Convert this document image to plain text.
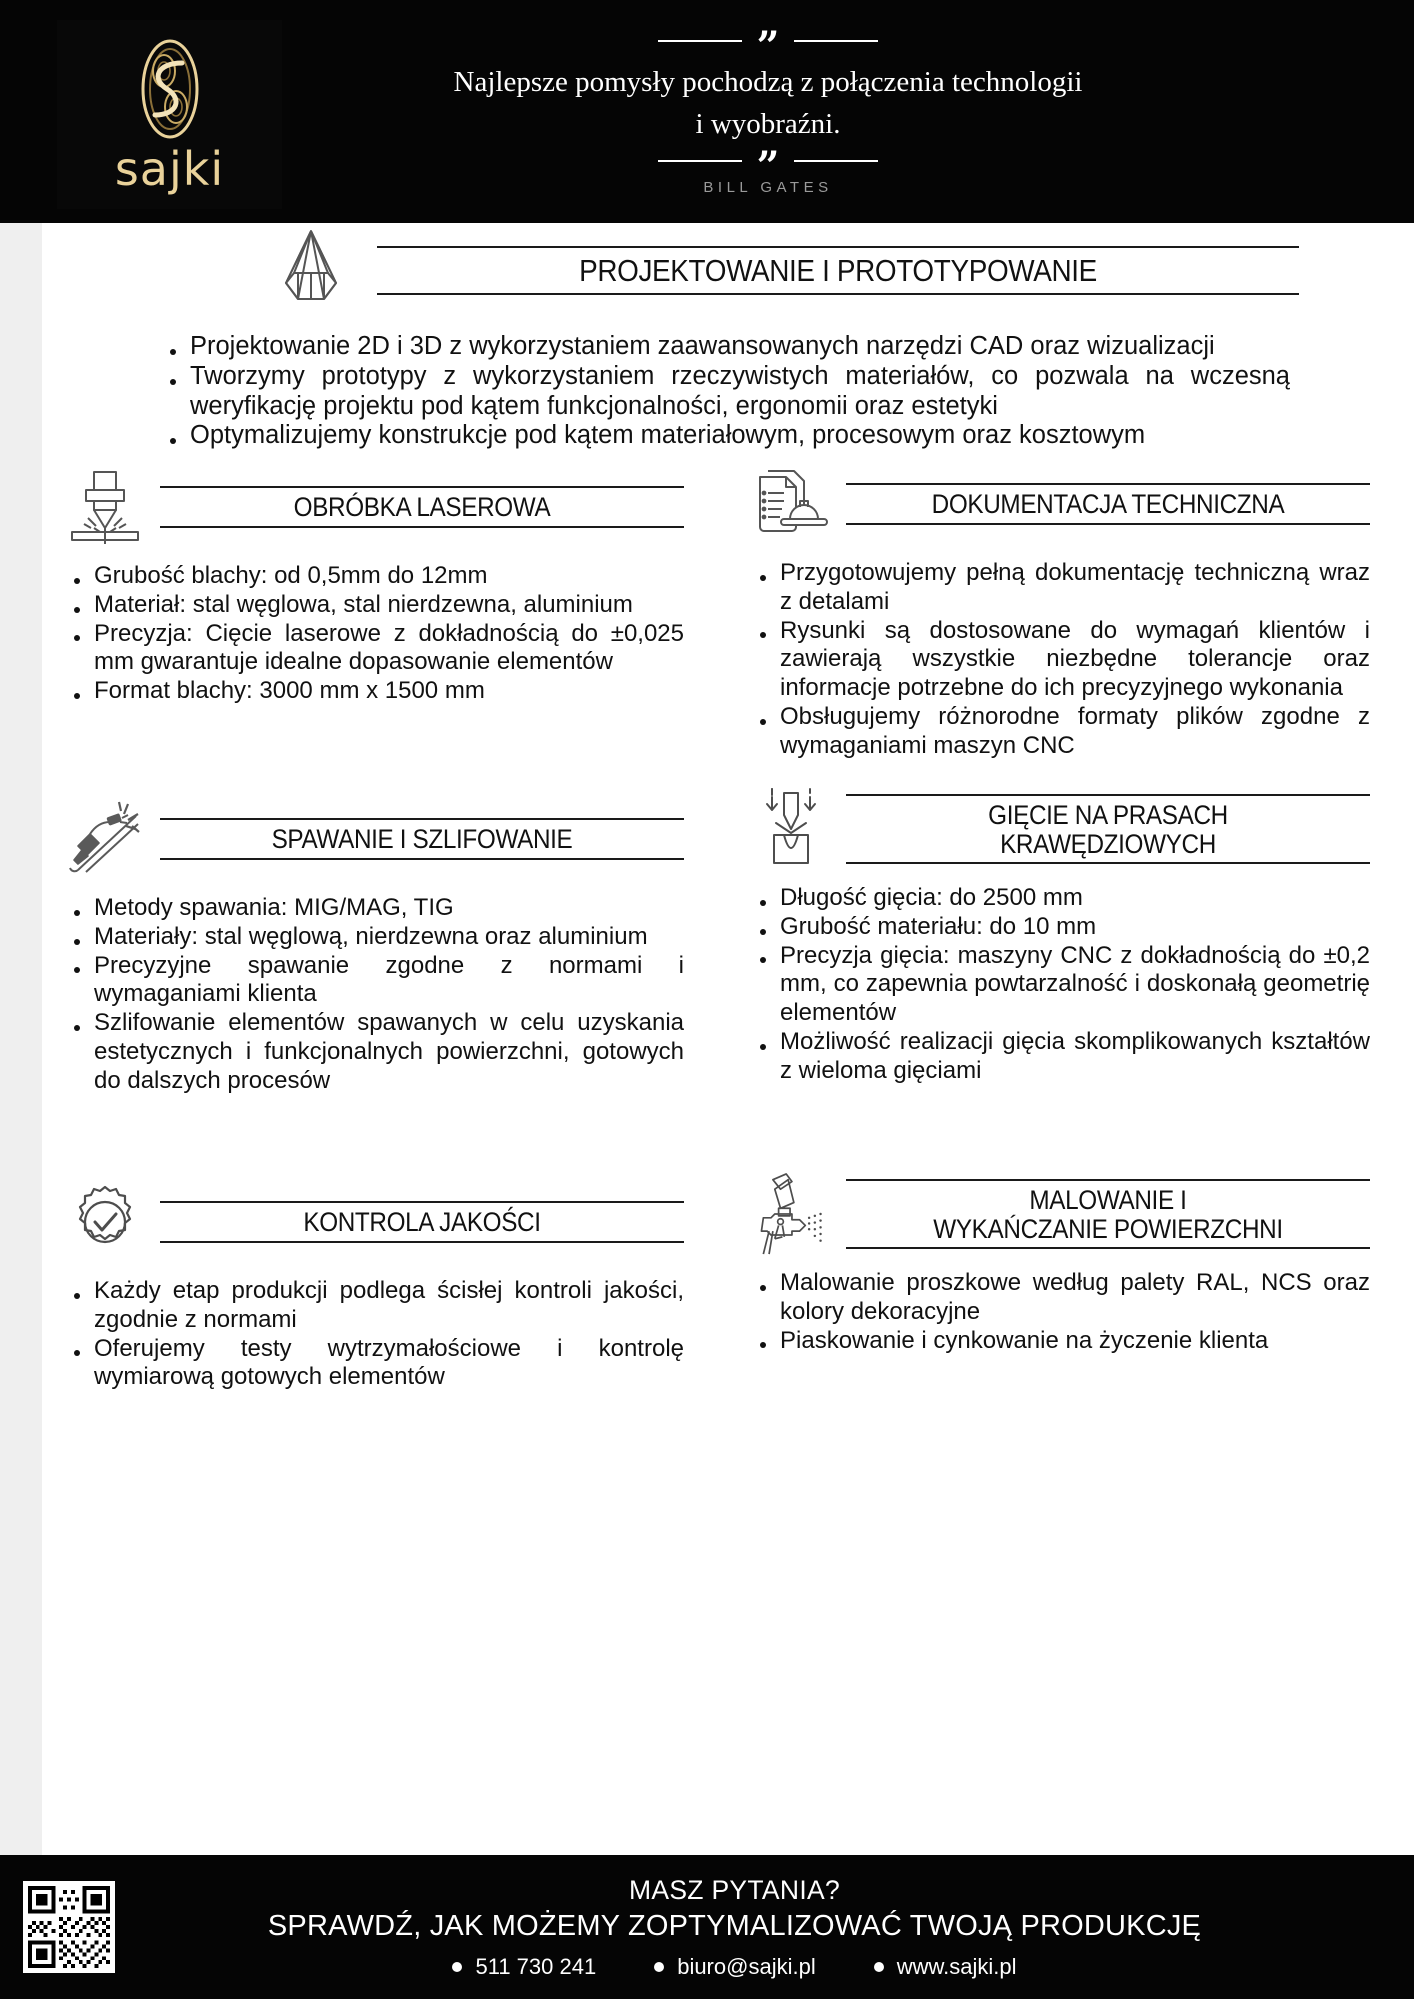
sajki
”
Najlepsze pomysły pochodzą z połączenia technologii i wyobraźni.
”
BILL GATES
PROJEKTOWANIE I PROTOTYPOWANIE
Projektowanie 2D i 3D z wykorzystaniem zaawansowanych narzędzi CAD oraz wizualizacji
Tworzymy prototypy z wykorzystaniem rzeczywistych materiałów, co pozwala na wczesną weryfikację projektu pod kątem funkcjonalności, ergonomii oraz estetyki
Optymalizujemy konstrukcje pod kątem materiałowym, procesowym oraz kosztowym
OBRÓBKA LASEROWA
Grubość blachy: od 0,5mm do 12mm
Materiał: stal węglowa, stal nierdzewna, aluminium
Precyzja: Cięcie laserowe z dokładnością do ±0,025 mm gwarantuje idealne dopasowanie elementów
Format blachy: 3000 mm x 1500 mm
DOKUMENTACJA TECHNICZNA
Przygotowujemy pełną dokumentację techniczną wraz z detalami
Rysunki są dostosowane do wymagań klientów i zawierają wszystkie niezbędne tolerancje oraz informacje potrzebne do ich precyzyjnego wykonania
Obsługujemy różnorodne formaty plików zgodne z wymaganiami maszyn CNC
SPAWANIE I SZLIFOWANIE
Metody spawania: MIG/MAG, TIG
Materiały: stal węglową, nierdzewna oraz aluminium
Precyzyjne spawanie zgodne z normami i wymaganiami klienta
Szlifowanie elementów spawanych w celu uzyskania estetycznych i funkcjonalnych powierzchni, gotowych do dalszych procesów
GIĘCIE NA PRASACH
KRAWĘDZIOWYCH
Długość gięcia: do 2500 mm
Grubość materiału: do 10 mm
Precyzja gięcia: maszyny CNC z dokładnością do ±0,2 mm, co zapewnia powtarzalność i doskonałą geometrię elementów
Możliwość realizacji gięcia skomplikowanych kształtów z wieloma gięciami
KONTROLA JAKOŚCI
Każdy etap produkcji podlega ścisłej kontroli jakości, zgodnie z normami
Oferujemy testy wytrzymałościowe i kontrolę wymiarową gotowych elementów
MALOWANIE I
WYKAŃCZANIE POWIERZCHNI
Malowanie proszkowe według palety RAL, NCS oraz kolory dekoracyjne
Piaskowanie i cynkowanie na życzenie klienta
MASZ PYTANIA?
SPRAWDŹ, JAK MOŻEMY ZOPTYMALIZOWAĆ TWOJĄ PRODUKCJĘ
511 730 241	biuro@sajki.pl	www.sajki.pl
